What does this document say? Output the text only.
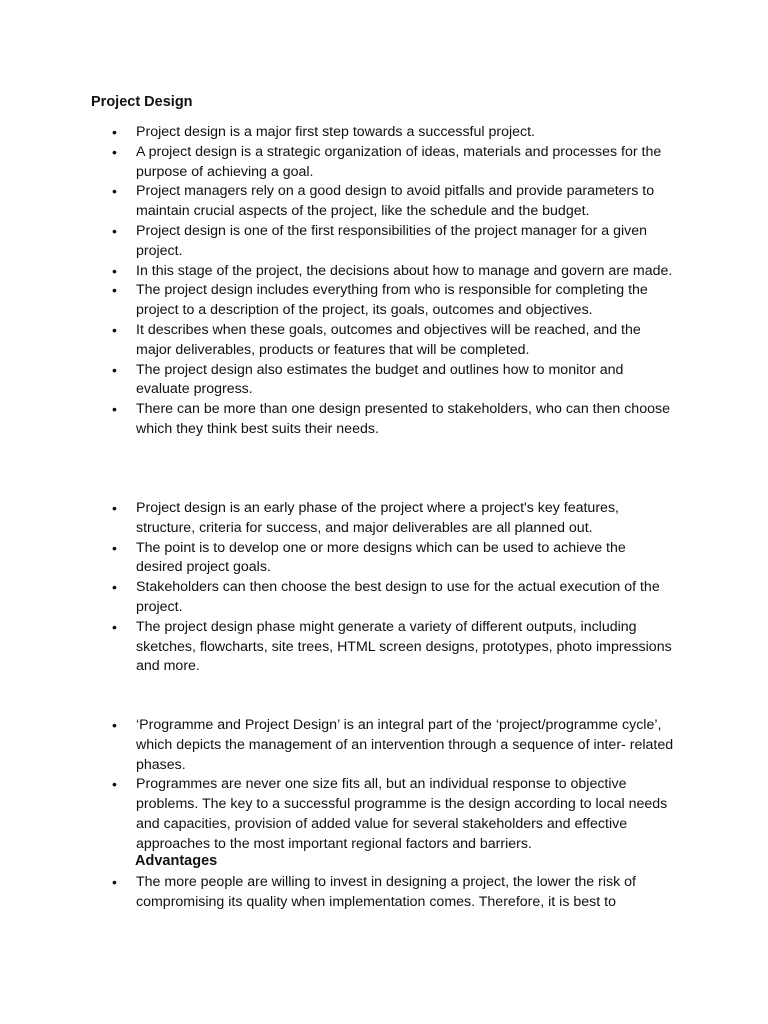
Project Design
• Project design is a major first step towards a successful project.
• A project design is a strategic organization of ideas, materials and processes for the purpose of achieving a goal.
• Project managers rely on a good design to avoid pitfalls and provide parameters to maintain crucial aspects of the project, like the schedule and the budget.
• Project design is one of the first responsibilities of the project manager for a given project.
• In this stage of the project, the decisions about how to manage and govern are made.
• The project design includes everything from who is responsible for completing the project to a description of the project, its goals, outcomes and objectives.
• It describes when these goals, outcomes and objectives will be reached, and the major deliverables, products or features that will be completed.
• The project design also estimates the budget and outlines how to monitor and evaluate progress.
• There can be more than one design presented to stakeholders, who can then choose which they think best suits their needs.
• Project design is an early phase of the project where a project's key features, structure, criteria for success, and major deliverables are all planned out.
• The point is to develop one or more designs which can be used to achieve the desired project goals.
• Stakeholders can then choose the best design to use for the actual execution of the project.
• The project design phase might generate a variety of different outputs, including sketches, flowcharts, site trees, HTML screen designs, prototypes, photo impressions and more.
• ‘Programme and Project Design’ is an integral part of the ‘project/programme cycle’, which depicts the management of an intervention through a sequence of inter- related phases.
• Programmes are never one size fits all, but an individual response to objective problems. The key to a successful programme is the design according to local needs and capacities, provision of added value for several stakeholders and effective approaches to the most important regional factors and barriers.
Advantages
• The more people are willing to invest in designing a project, the lower the risk of compromising its quality when implementation comes. Therefore, it is best to
